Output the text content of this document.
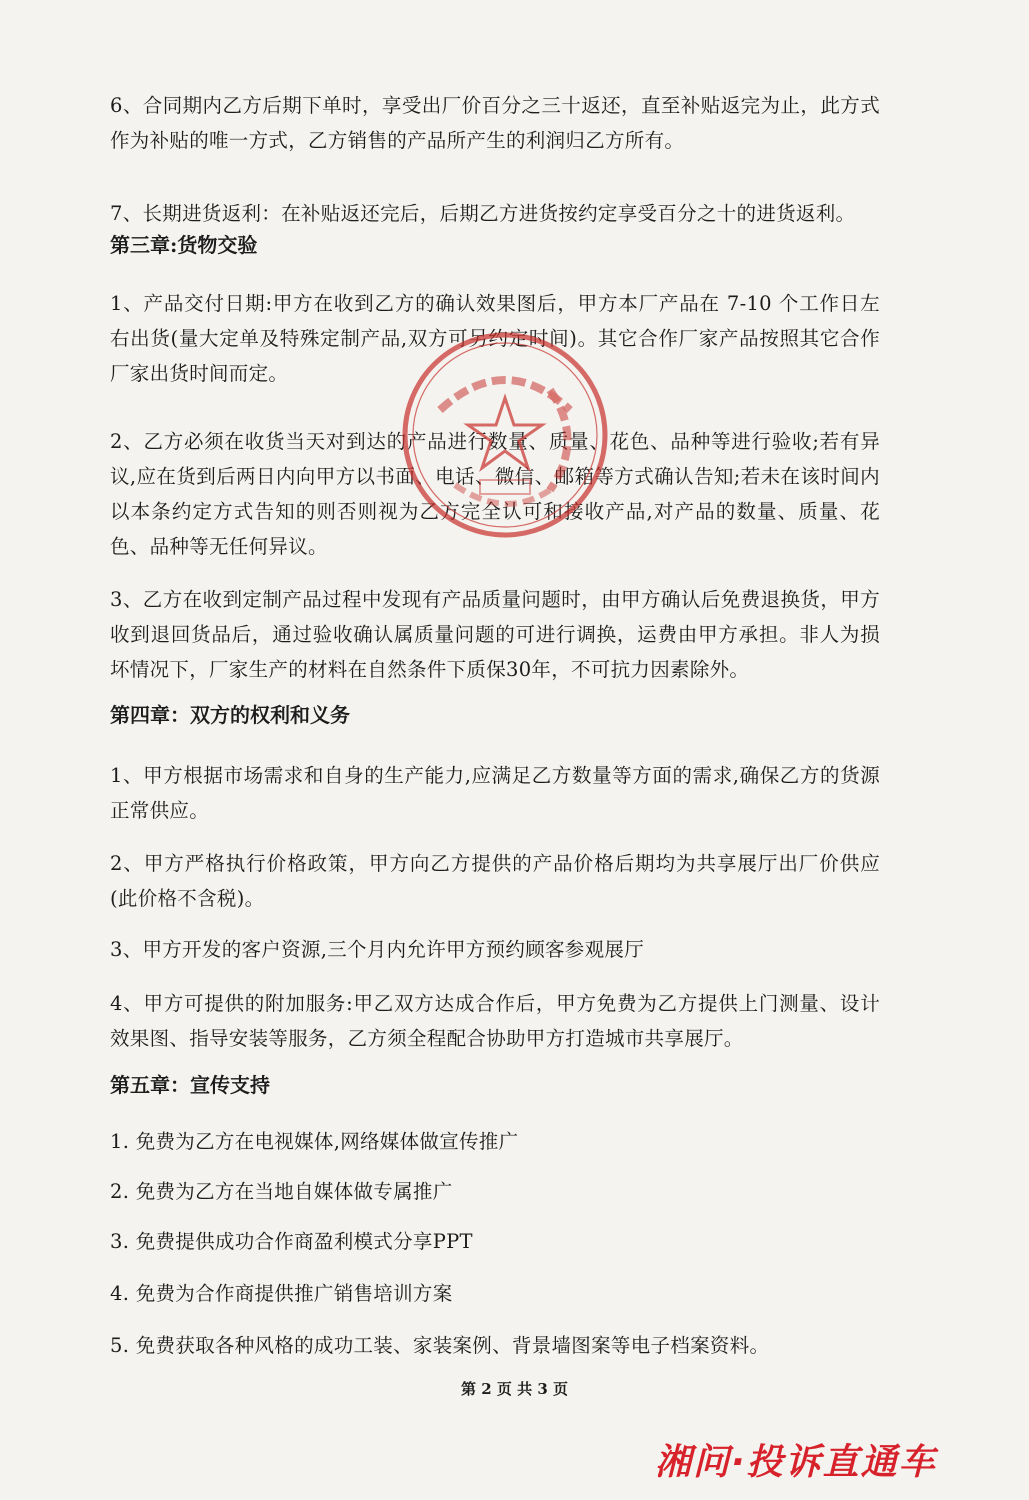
6、合同期内乙方后期下单时，享受出厂价百分之三十返还，直至补贴返完为止，此方式作为补贴的唯一方式，乙方销售的产品所产生的利润归乙方所有。

7、长期进货返利：在补贴返还完后，后期乙方进货按约定享受百分之十的进货返利。

第三章:货物交验

1、产品交付日期:甲方在收到乙方的确认效果图后，甲方本厂产品在 7-10 个工作日左右出货(量大定单及特殊定制产品,双方可另约定时间)。其它合作厂家产品按照其它合作厂家出货时间而定。

2、乙方必须在收货当天对到达的产品进行数量、质量、花色、品种等进行验收;若有异议,应在货到后两日内向甲方以书面、电话、微信、邮箱等方式确认告知;若未在该时间内以本条约定方式告知的则否则视为乙方完全认可和接收产品,对产品的数量、质量、花色、品种等无任何异议。

3、乙方在收到定制产品过程中发现有产品质量问题时，由甲方确认后免费退换货，甲方收到退回货品后，通过验收确认属质量问题的可进行调换，运费由甲方承担。非人为损坏情况下，厂家生产的材料在自然条件下质保30年，不可抗力因素除外。

第四章：双方的权利和义务

1、甲方根据市场需求和自身的生产能力,应满足乙方数量等方面的需求,确保乙方的货源正常供应。

2、甲方严格执行价格政策，甲方向乙方提供的产品价格后期均为共享展厅出厂价供应(此价格不含税)。

3、甲方开发的客户资源,三个月内允许甲方预约顾客参观展厅

4、甲方可提供的附加服务:甲乙双方达成合作后，甲方免费为乙方提供上门测量、设计效果图、指导安装等服务，乙方须全程配合协助甲方打造城市共享展厅。

第五章：宣传支持

1. 免费为乙方在电视媒体,网络媒体做宣传推广

2. 免费为乙方在当地自媒体做专属推广

3. 免费提供成功合作商盈利模式分享PPT

4. 免费为合作商提供推广销售培训方案

5. 免费获取各种风格的成功工装、家装案例、背景墙图案等电子档案资料。

第 2 页 共 3 页

湘问·投诉直通车
